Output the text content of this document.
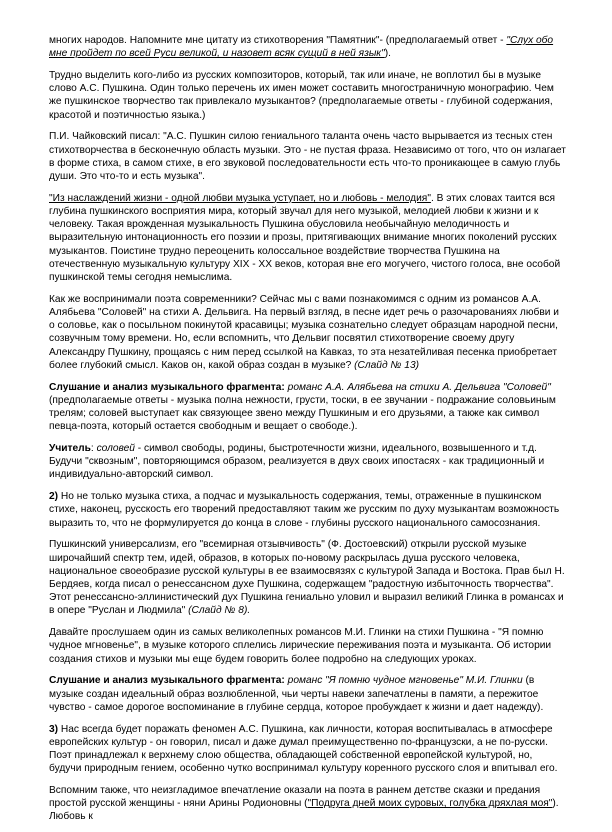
многих народов. Напомните мне цитату из стихотворения "Памятник"- (предполагаемый ответ - "Слух обо мне пройдет по всей Руси великой, и назовет всяк сущий в ней язык").

Трудно выделить кого-либо из русских композиторов, который, так или иначе, не воплотил бы в музыке слово А.С. Пушкина. Один только перечень их имен может составить многостраничную монографию. Чем же пушкинское творчество так привлекало музыкантов? (предполагаемые ответы - глубиной содержания, красотой и поэтичностью языка.)

П.И. Чайковский писал: "А.С. Пушкин силою гениального таланта очень часто вырывается из тесных стен стихотворчества в бесконечную область музыки. Это - не пустая фраза. Независимо от того, что он излагает в форме стиха, в самом стихе, в его звуковой последовательности есть что-то проникающее в самую глубь души. Это что-то и есть музыка".

"Из наслаждений жизни - одной любви музыка уступает, но и любовь - мелодия". В этих словах таится вся глубина пушкинского восприятия мира, который звучал для него музыкой, мелодией любви к жизни и к человеку. Такая врожденная музыкальность Пушкина обусловила необычайную мелодичность и выразительную интонационность его поэзии и прозы, притягивающих внимание многих поколений русских музыкантов. Поистине трудно переоценить колоссальное воздействие творчества Пушкина на отечественную музыкальную культуру XIX - XX веков, которая вне его могучего, чистого голоса, вне особой пушкинской темы сегодня немыслима.

Как же воспринимали поэта современники? Сейчас мы с вами познакомимся с одним из романсов А.А. Алябьева "Соловей" на стихи А. Дельвига. На первый взгляд, в песне идет речь о разочарованиях любви и о соловье, как о посыльном покинутой красавицы; музыка сознательно следует образцам народной песни, созвучным тому времени. Но, если вспомнить, что Дельвиг посвятил стихотворение своему другу Александру Пушкину, прощаясь с ним перед ссылкой на Кавказ, то эта незатейливая песенка приобретает более глубокий смысл. Каков он, какой образ создан в музыке? (Слайд № 13)

Слушание и анализ музыкального фрагмента: романс А.А. Алябьева на стихи А. Дельвига "Соловей" (предполагаемые ответы - музыка полна нежности, грусти, тоски, в ее звучании - подражание соловьиным трелям; соловей выступает как связующее звено между Пушкиным и его друзьями, а также как символ певца-поэта, который остается свободным и вещает о свободе.).

Учитель: соловей - символ свободы, родины, быстротечности жизни, идеального, возвышенного и т.д. Будучи "сквозным", повторяющимся образом, реализуется в двух своих ипостасях - как традиционный и индивидуально-авторский символ.

2) Но не только музыка стиха, а подчас и музыкальность содержания, темы, отраженные в пушкинском стихе, наконец, русскость его творений предоставляют таким же русским по духу музыкантам возможность выразить то, что не формулируется до конца в слове - глубины русского национального самосознания.

Пушкинский универсализм, его "всемирная отзывчивость" (Ф. Достоевский) открыли русской музыке широчайший спектр тем, идей, образов, в которых по-новому раскрылась душа русского человека, национальное своеобразие русской культуры в ее взаимосвязях с культурой Запада и Востока. Прав был Н. Бердяев, когда писал о ренессансном духе Пушкина, содержащем "радостную избыточность творчества". Этот ренессансно-эллинистический дух Пушкина гениально уловил и выразил великий Глинка в романсах и в опере "Руслан и Людмила" (Слайд № 8).

Давайте прослушаем один из самых великолепных романсов М.И. Глинки на стихи Пушкина - "Я помню чудное мгновенье", в музыке которого сплелись лирические переживания поэта и музыканта. Об истории создания стихов и музыки мы еще будем говорить более подробно на следующих уроках.

Слушание и анализ музыкального фрагмента: романс "Я помню чудное мгновенье" М.И. Глинки (в музыке создан идеальный образ возлюбленной, чьи черты навеки запечатлены в памяти, а пережитое чувство - самое дорогое воспоминание в глубине сердца, которое пробуждает к жизни и дает надежду).

3) Нас всегда будет поражать феномен А.С. Пушкина, как личности, которая воспитывалась в атмосфере европейских культур - он говорил, писал и даже думал преимущественно по-французски, а не по-русски. Поэт принадлежал к верхнему слою общества, обладающей собственной европейской культурой, но, будучи природным гением, особенно чутко воспринимал культуру коренного русского слоя и впитывал его.

Вспомним также, что неизгладимое впечатление оказали на поэта в раннем детстве сказки и предания простой русской женщины - няни Арины Родионовны ("Подруга дней моих суровых, голубка дряхлая моя"). Любовь к
